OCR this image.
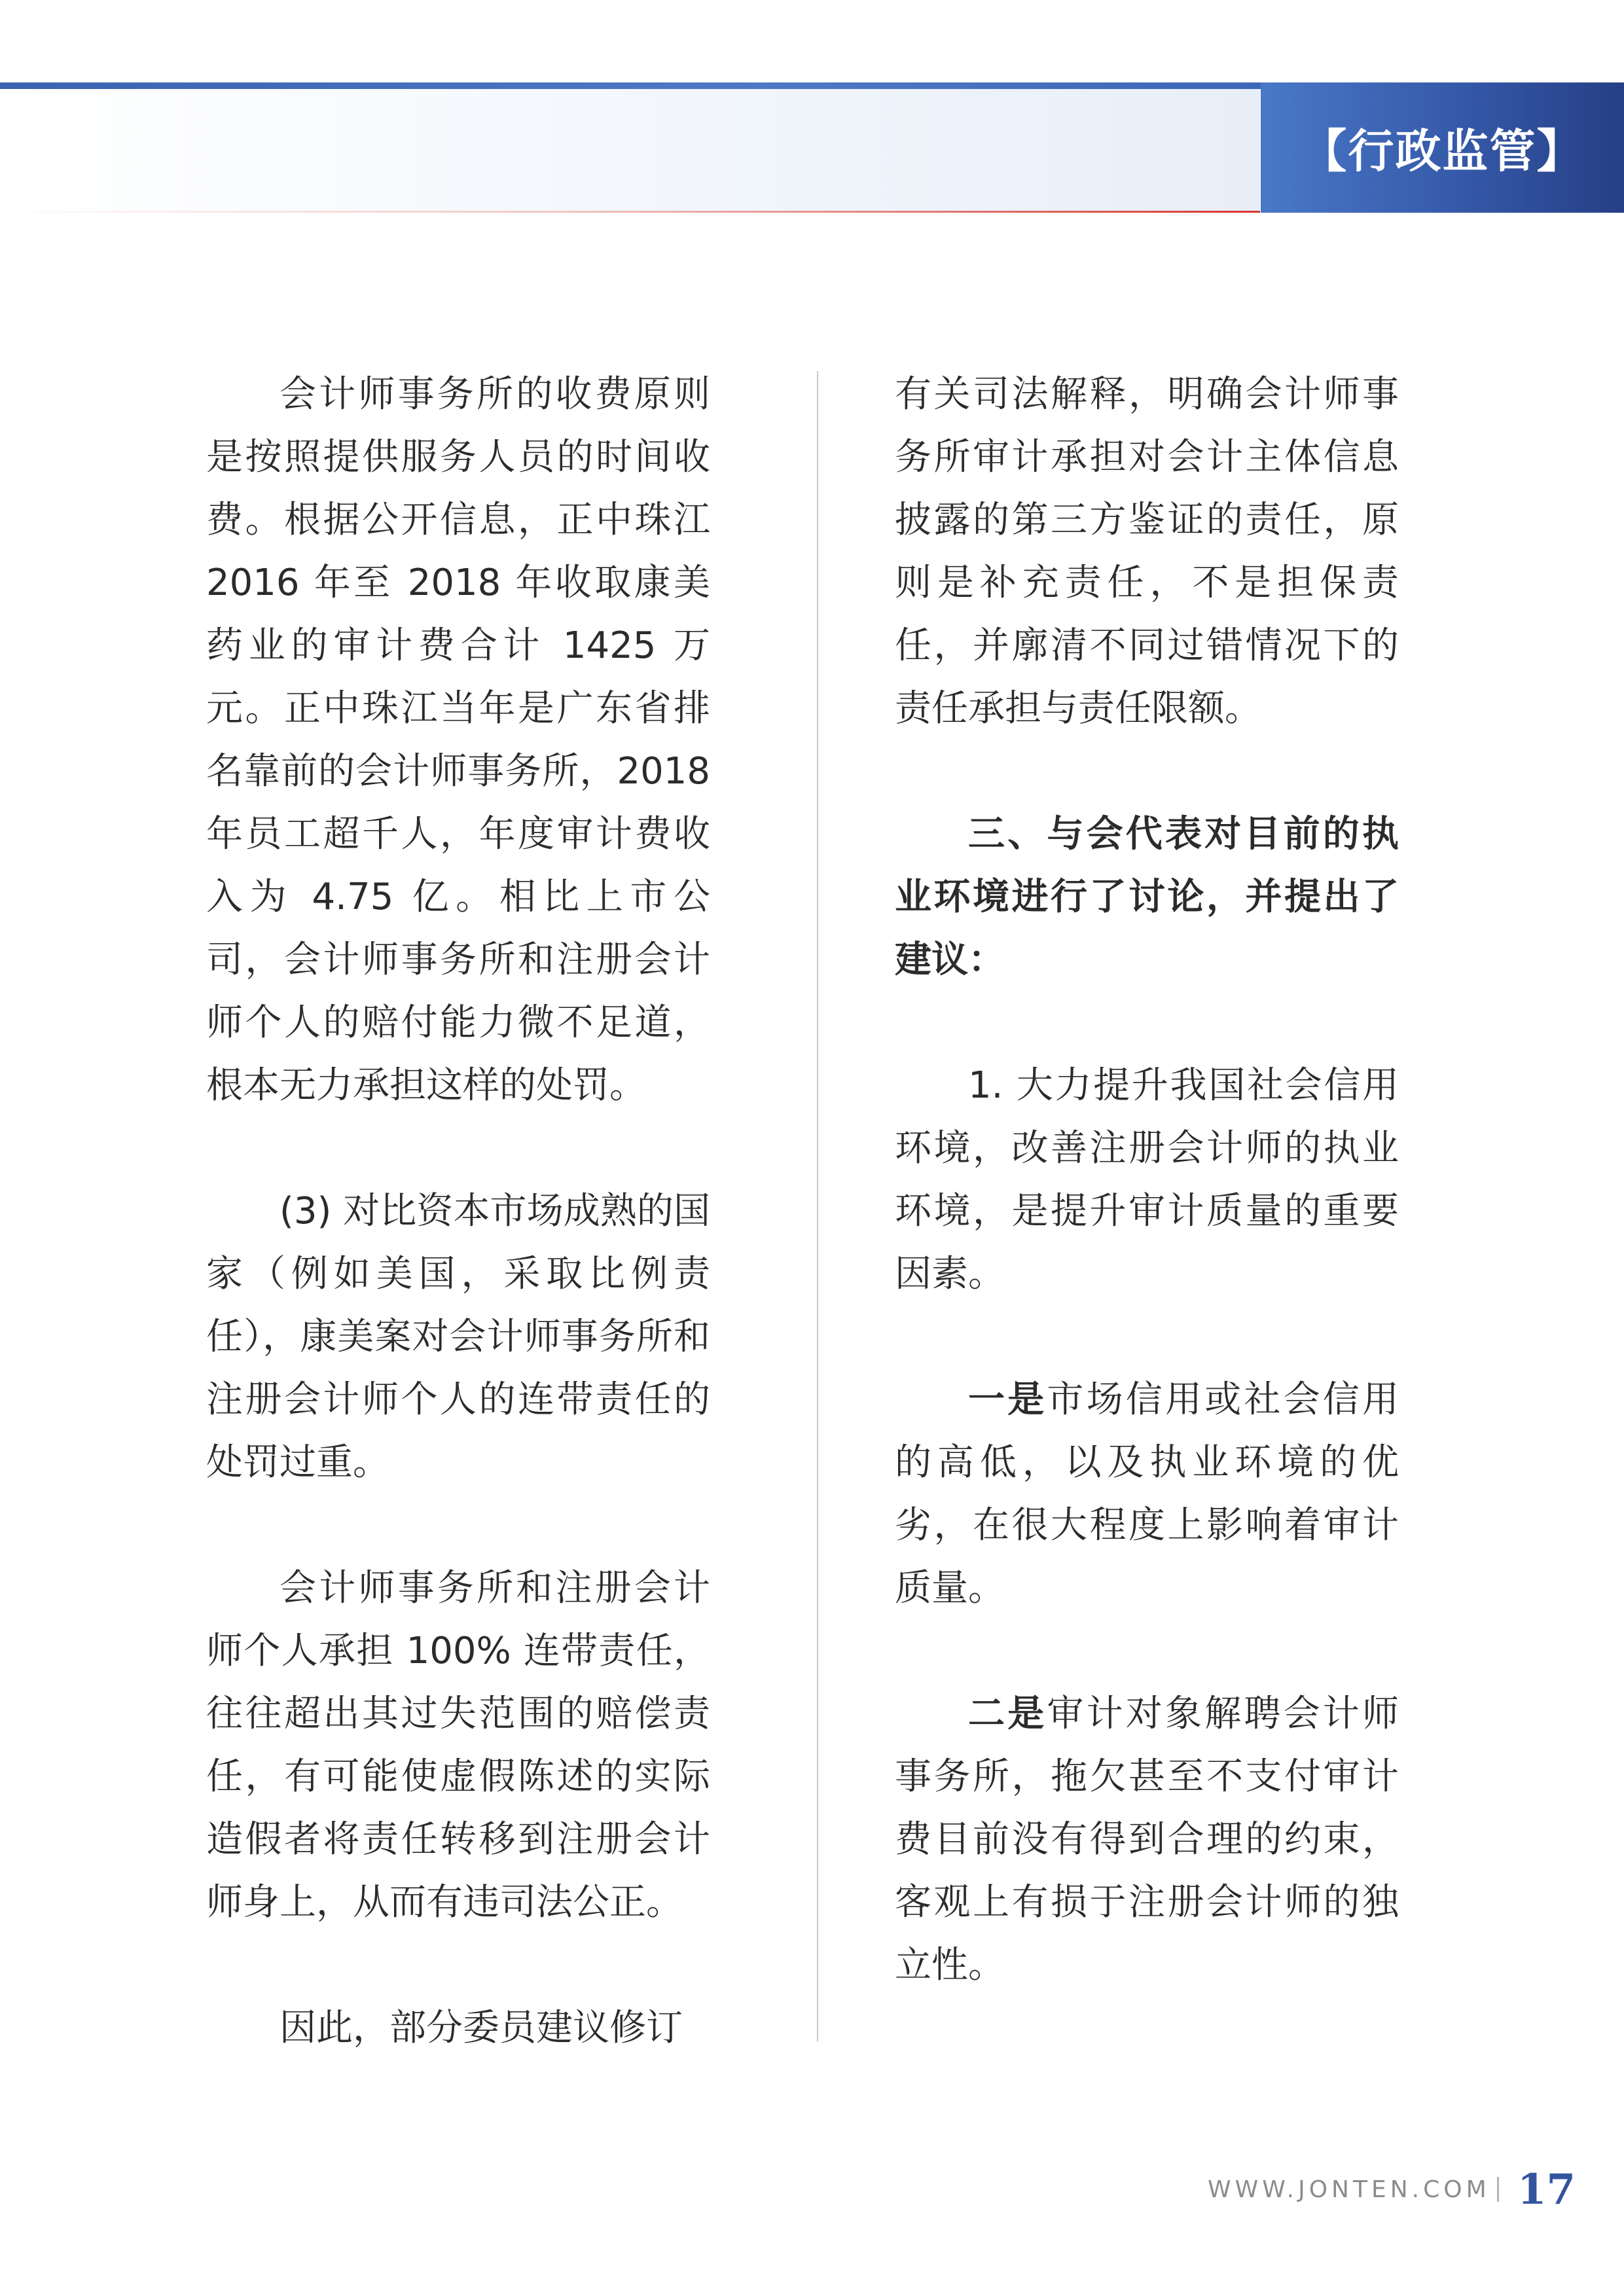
【行政监管】

会计师事务所的收费原则是按照提供服务人员的时间收费。根据公开信息，正中珠江 2016 年至 2018 年收取康美药业的审计费合计 1425 万元。正中珠江当年是广东省排名靠前的会计师事务所，2018 年员工超千人，年度审计费收入为 4.75 亿。相比上市公司，会计师事务所和注册会计师个人的赔付能力微不足道，根本无力承担这样的处罚。

(3) 对比资本市场成熟的国家（例如美国，采取比例责任），康美案对会计师事务所和注册会计师个人的连带责任的处罚过重。

会计师事务所和注册会计师个人承担 100% 连带责任，往往超出其过失范围的赔偿责任，有可能使虚假陈述的实际造假者将责任转移到注册会计师身上，从而有违司法公正。

因此，部分委员建议修订

有关司法解释，明确会计师事务所审计承担对会计主体信息披露的第三方鉴证的责任，原则是补充责任，不是担保责任，并廓清不同过错情况下的责任承担与责任限额。

三、与会代表对目前的执业环境进行了讨论，并提出了建议：

1. 大力提升我国社会信用环境，改善注册会计师的执业环境，是提升审计质量的重要因素。

一是市场信用或社会信用的高低，以及执业环境的优劣，在很大程度上影响着审计质量。

二是审计对象解聘会计师事务所，拖欠甚至不支付审计费目前没有得到合理的约束，客观上有损于注册会计师的独立性。

WWW.JONTEN.COM 17
